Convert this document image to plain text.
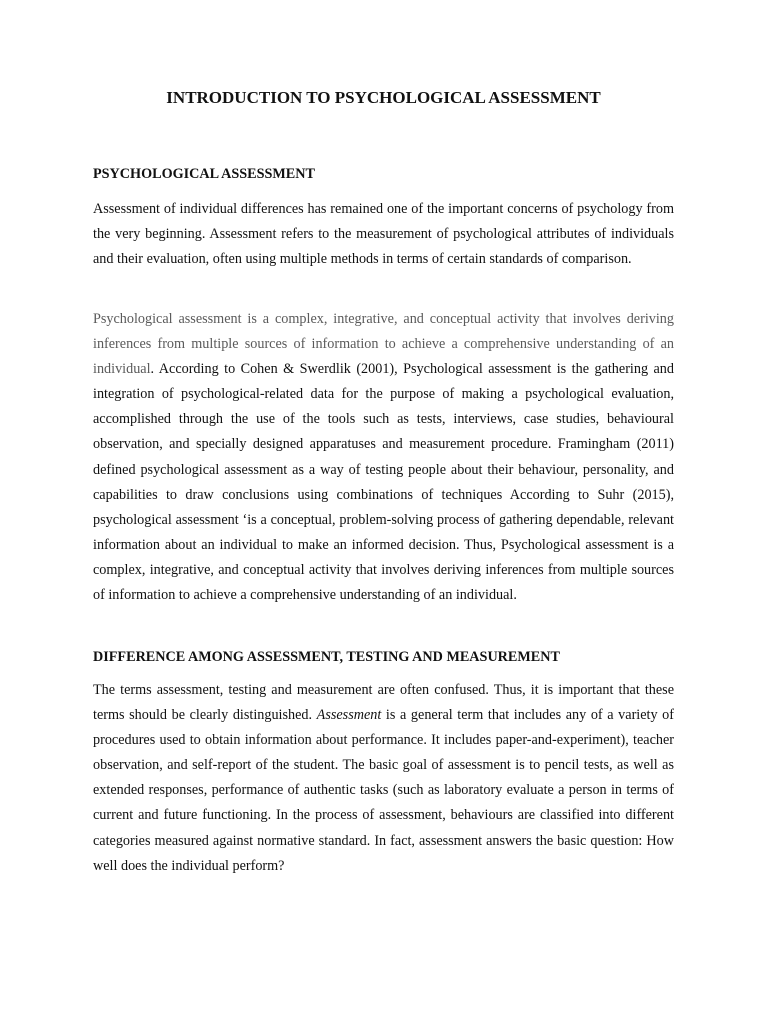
INTRODUCTION TO PSYCHOLOGICAL ASSESSMENT
PSYCHOLOGICAL ASSESSMENT

Assessment of individual differences has remained one of the important concerns of psychology from the very beginning. Assessment refers to the measurement of psychological attributes of individuals and their evaluation, often using multiple methods in terms of certain standards of comparison.

Psychological assessment is a complex, integrative, and conceptual activity that involves deriving inferences from multiple sources of information to achieve a comprehensive understanding of an individual. According to Cohen & Swerdlik (2001), Psychological assessment is the gathering and integration of psychological-related data for the purpose of making a psychological evaluation, accomplished through the use of the tools such as tests, interviews, case studies, behavioural observation, and specially designed apparatuses and measurement procedure. Framingham (2011) defined psychological assessment as a way of testing people about their behaviour, personality, and capabilities to draw conclusions using combinations of techniques According to Suhr (2015), psychological assessment ‘is a conceptual, problem-solving process of gathering dependable, relevant information about an individual to make an informed decision. Thus, Psychological assessment is a complex, integrative, and conceptual activity that involves deriving inferences from multiple sources of information to achieve a comprehensive understanding of an individual.

DIFFERENCE AMONG ASSESSMENT, TESTING AND MEASUREMENT

The terms assessment, testing and measurement are often confused. Thus, it is important that these terms should be clearly distinguished. Assessment is a general term that includes any of a variety of procedures used to obtain information about performance. It includes paper-and-experiment), teacher observation, and self-report of the student. The basic goal of assessment is to pencil tests, as well as extended responses, performance of authentic tasks (such as laboratory evaluate a person in terms of current and future functioning. In the process of assessment, behaviours are classified into different categories measured against normative standard. In fact, assessment answers the basic question: How well does the individual perform?
